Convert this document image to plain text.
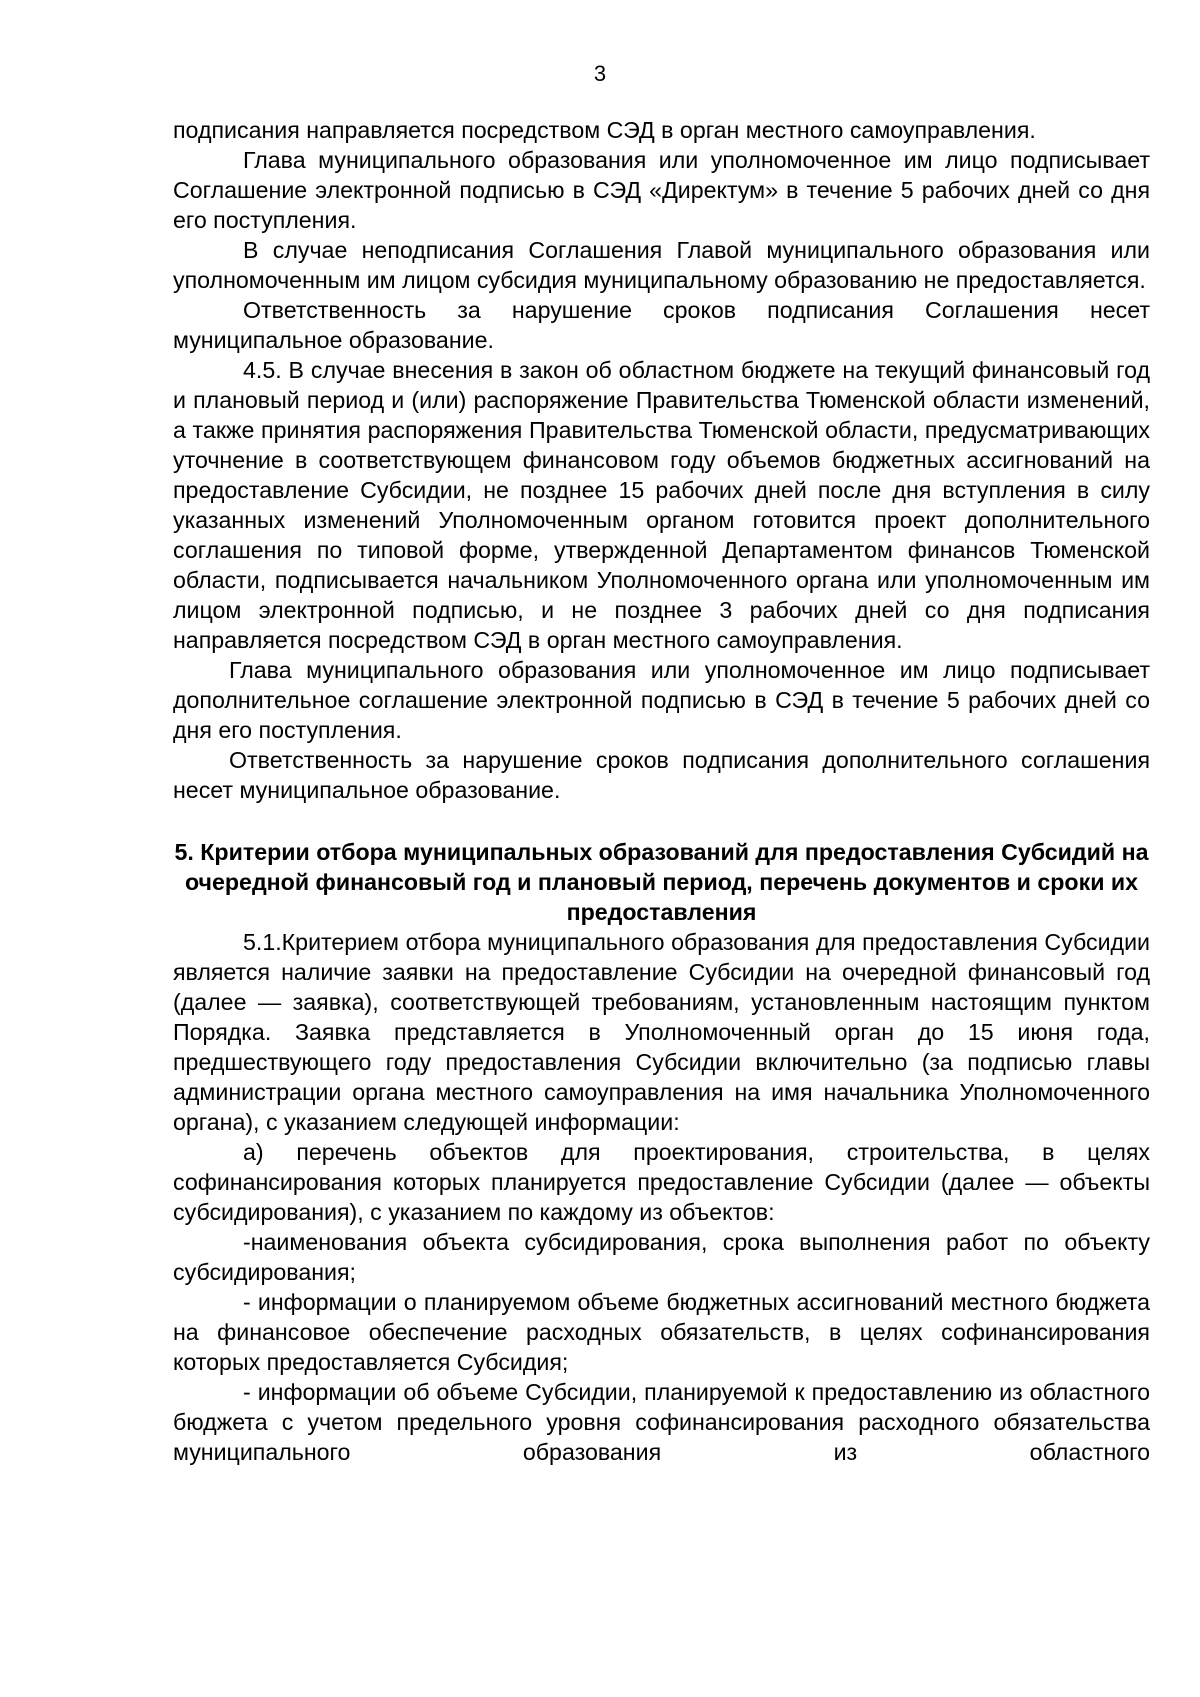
3

подписания направляется посредством СЭД в орган местного самоуправления.

Глава муниципального образования или уполномоченное им лицо подписывает Соглашение электронной подписью в СЭД «Директум» в течение 5 рабочих дней со дня его поступления.

В случае неподписания Соглашения Главой муниципального образования или уполномоченным им лицом субсидия муниципальному образованию не предоставляется.

Ответственность за нарушение сроков подписания Соглашения несет муниципальное образование.

4.5. В случае внесения в закон об областном бюджете на текущий финансовый год и плановый период и (или) распоряжение Правительства Тюменской области изменений, а также принятия распоряжения Правительства Тюменской области, предусматривающих уточнение в соответствующем финансовом году объемов бюджетных ассигнований на предоставление Субсидии, не позднее 15 рабочих дней после дня вступления в силу указанных изменений Уполномоченным органом готовится проект дополнительного соглашения по типовой форме, утвержденной Департаментом финансов Тюменской области, подписывается начальником Уполномоченного органа или уполномоченным им лицом электронной подписью, и не позднее 3 рабочих дней со дня подписания направляется посредством СЭД в орган местного самоуправления.

Глава муниципального образования или уполномоченное им лицо подписывает дополнительное соглашение электронной подписью в СЭД в течение 5 рабочих дней со дня его поступления.

Ответственность за нарушение сроков подписания дополнительного соглашения несет муниципальное образование.

5. Критерии отбора муниципальных образований для предоставления Субсидий на очередной финансовый год и плановый период, перечень документов и сроки их предоставления

5.1.Критерием отбора муниципального образования для предоставления Субсидии является наличие заявки на предоставление Субсидии на очередной финансовый год (далее — заявка), соответствующей требованиям, установленным настоящим пунктом Порядка. Заявка представляется в Уполномоченный орган до 15 июня года, предшествующего году предоставления Субсидии включительно (за подписью главы администрации органа местного самоуправления на имя начальника Уполномоченного органа), с указанием следующей информации:

а) перечень объектов для проектирования, строительства, в целях софинансирования которых планируется предоставление Субсидии (далее — объекты субсидирования), с указанием по каждому из объектов:

-наименования объекта субсидирования, срока выполнения работ по объекту субсидирования;

- информации о планируемом объеме бюджетных ассигнований местного бюджета на финансовое обеспечение расходных обязательств, в целях софинансирования которых предоставляется Субсидия;

- информации об объеме Субсидии, планируемой к предоставлению из областного бюджета с учетом предельного уровня софинансирования расходного обязательства муниципального образования из областного
